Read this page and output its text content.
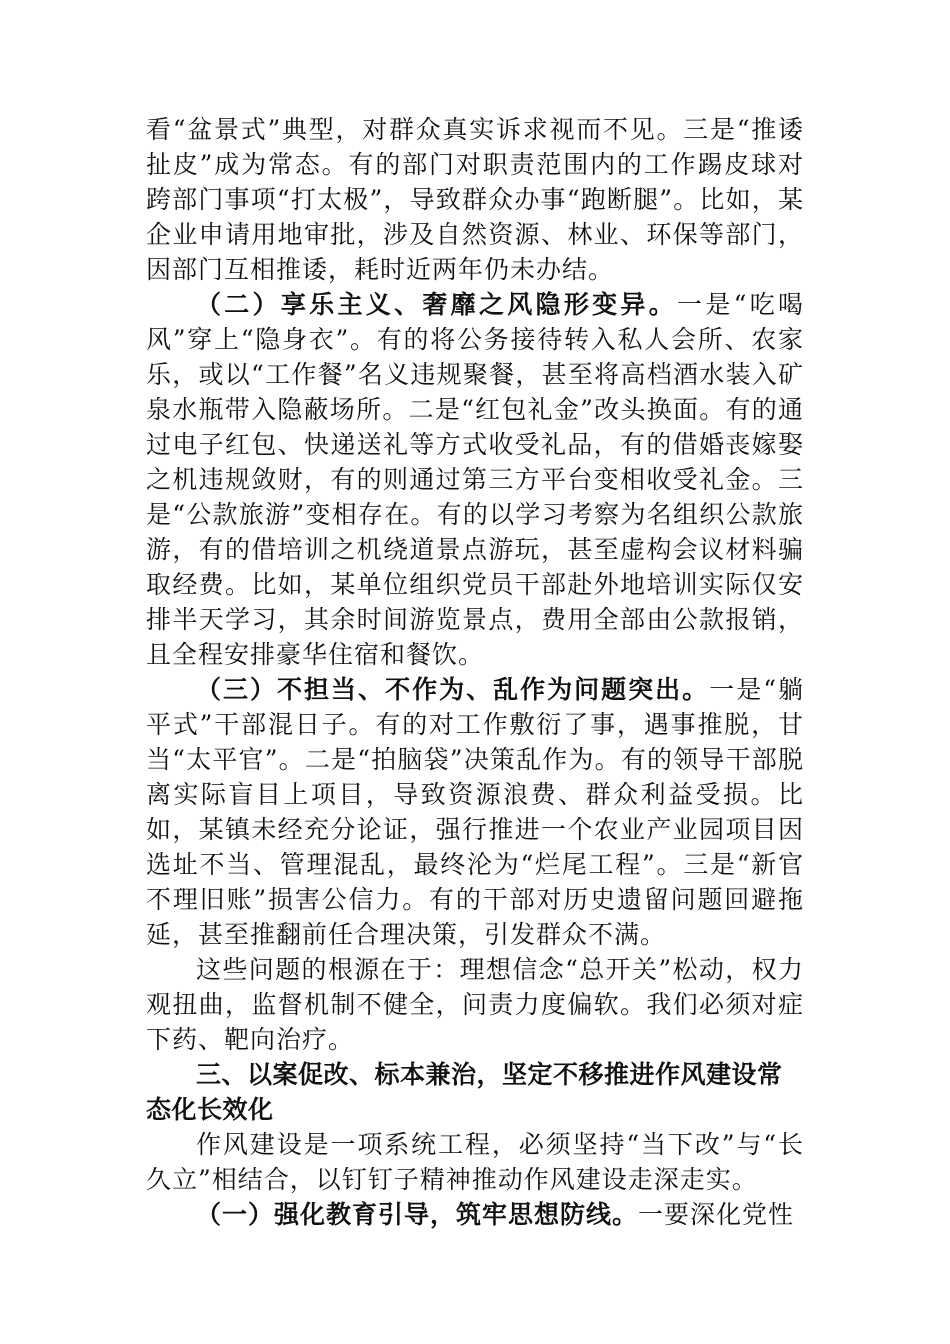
看“盆景式”典型，对群众真实诉求视而不见。三是“推诿扯皮”成为常态。有的部门对职责范围内的工作踢皮球对跨部门事项“打太极”，导致群众办事“跑断腿”。比如，某企业申请用地审批，涉及自然资源、林业、环保等部门，因部门互相推诿，耗时近两年仍未办结。

（二）享乐主义、奢靡之风隐形变异。一是“吃喝风”穿上“隐身衣”。有的将公务接待转入私人会所、农家乐，或以“工作餐”名义违规聚餐，甚至将高档酒水装入矿泉水瓶带入隐蔽场所。二是“红包礼金”改头换面。有的通过电子红包、快递送礼等方式收受礼品，有的借婚丧嫁娶之机违规敛财，有的则通过第三方平台变相收受礼金。三是“公款旅游”变相存在。有的以学习考察为名组织公款旅游，有的借培训之机绕道景点游玩，甚至虚构会议材料骗取经费。比如，某单位组织党员干部赴外地培训实际仅安排半天学习，其余时间游览景点，费用全部由公款报销，且全程安排豪华住宿和餐饮。

（三）不担当、不作为、乱作为问题突出。一是“躺平式”干部混日子。有的对工作敷衍了事，遇事推脱，甘当“太平官”。二是“拍脑袋”决策乱作为。有的领导干部脱离实际盲目上项目，导致资源浪费、群众利益受损。比如，某镇未经充分论证，强行推进一个农业产业园项目因选址不当、管理混乱，最终沦为“烂尾工程”。三是“新官不理旧账”损害公信力。有的干部对历史遗留问题回避拖延，甚至推翻前任合理决策，引发群众不满。

这些问题的根源在于：理想信念“总开关”松动，权力观扭曲，监督机制不健全，问责力度偏软。我们必须对症下药、靶向治疗。

三、以案促改、标本兼治，坚定不移推进作风建设常态化长效化

作风建设是一项系统工程，必须坚持“当下改”与“长久立”相结合，以钉钉子精神推动作风建设走深走实。

（一）强化教育引导，筑牢思想防线。一要深化党性
